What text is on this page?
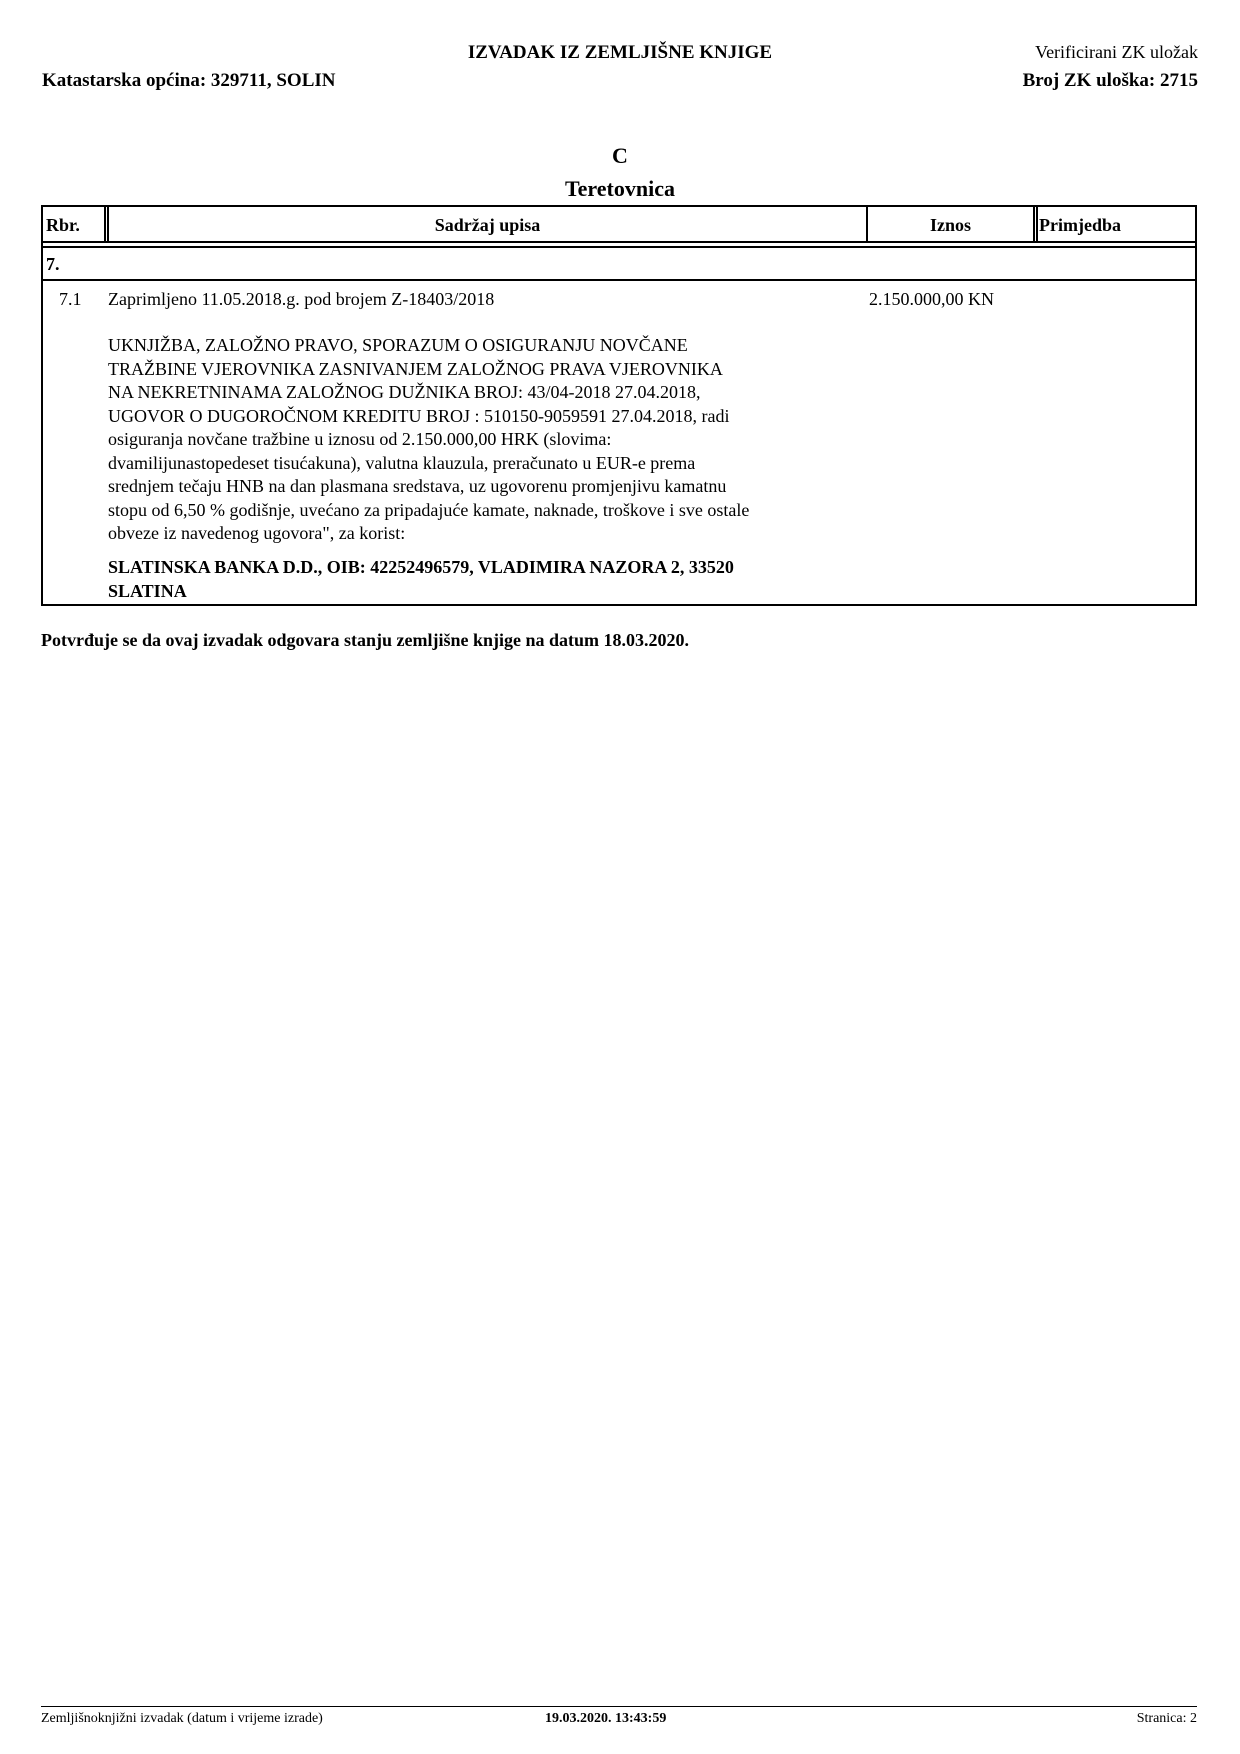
IZVADAK IZ ZEMLJIŠNE KNJIGE
Katastarska općina: 329711, SOLIN
Verificirani ZK uložak
Broj ZK uloška: 2715
C
Teretovnica
Rbr.	Sadržaj upisa	Iznos	Primjedba
7.
7.1 Zaprimljeno 11.05.2018.g. pod brojem Z-18403/2018	2.150.000,00 KN
UKNJIŽBA, ZALOŽNO PRAVO, SPORAZUM O OSIGURANJU NOVČANE
TRAŽBINE VJEROVNIKA ZASNIVANJEM ZALOŽNOG PRAVA VJEROVNIKA
NA NEKRETNINAMA ZALOŽNOG DUŽNIKA BROJ: 43/04-2018 27.04.2018,
UGOVOR O DUGOROČNOM KREDITU BROJ : 510150-9059591 27.04.2018, radi
osiguranja novčane tražbine u iznosu od 2.150.000,00 HRK (slovima:
dvamilijunastopedeset tisućakuna), valutna klauzula, preračunato u EUR-e prema
srednjem tečaju HNB na dan plasmana sredstava, uz ugovorenu promjenjivu kamatnu
stopu od 6,50 % godišnje, uvećano za pripadajuće kamate, naknade, troškove i sve ostale
obveze iz navedenog ugovora", za korist:
SLATINSKA BANKA D.D., OIB: 42252496579, VLADIMIRA NAZORA 2, 33520
SLATINA
Potvrđuje se da ovaj izvadak odgovara stanju zemljišne knjige na datum 18.03.2020.
Zemljišnoknjižni izvadak (datum i vrijeme izrade)	19.03.2020. 13:43:59	Stranica: 2
